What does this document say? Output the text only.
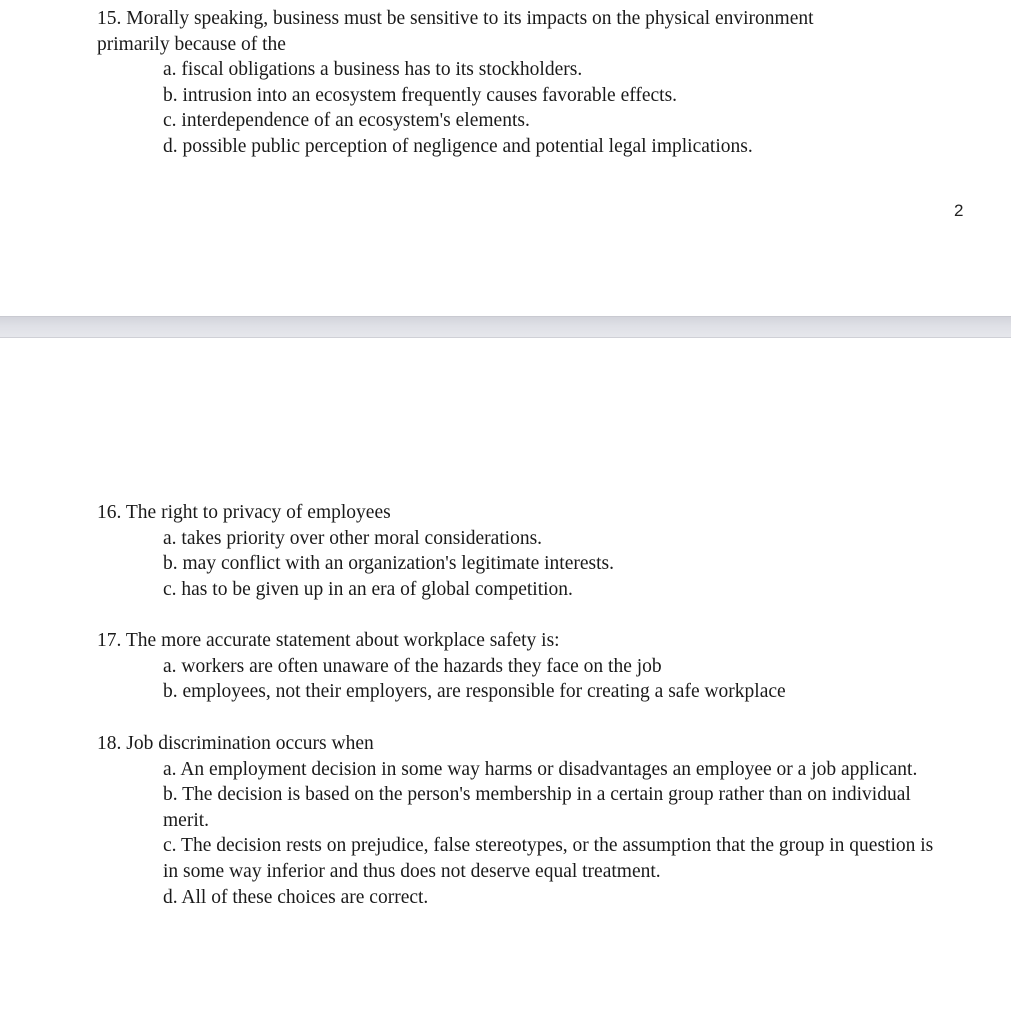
15. Morally speaking, business must be sensitive to its impacts on the physical environment
primarily because of the
a. fiscal obligations a business has to its stockholders.
b. intrusion into an ecosystem frequently causes favorable effects.
c. interdependence of an ecosystem's elements.
d. possible public perception of negligence and potential legal implications.
2
16. The right to privacy of employees
a. takes priority over other moral considerations.
b. may conflict with an organization's legitimate interests.
c. has to be given up in an era of global competition.
17. The more accurate statement about workplace safety is:
a. workers are often unaware of the hazards they face on the job
b. employees, not their employers, are responsible for creating a safe workplace
18. Job discrimination occurs when
a. An employment decision in some way harms or disadvantages an employee or a job applicant.
b. The decision is based on the person's membership in a certain group rather than on individual merit.
c. The decision rests on prejudice, false stereotypes, or the assumption that the group in question is in some way inferior and thus does not deserve equal treatment.
d. All of these choices are correct.
